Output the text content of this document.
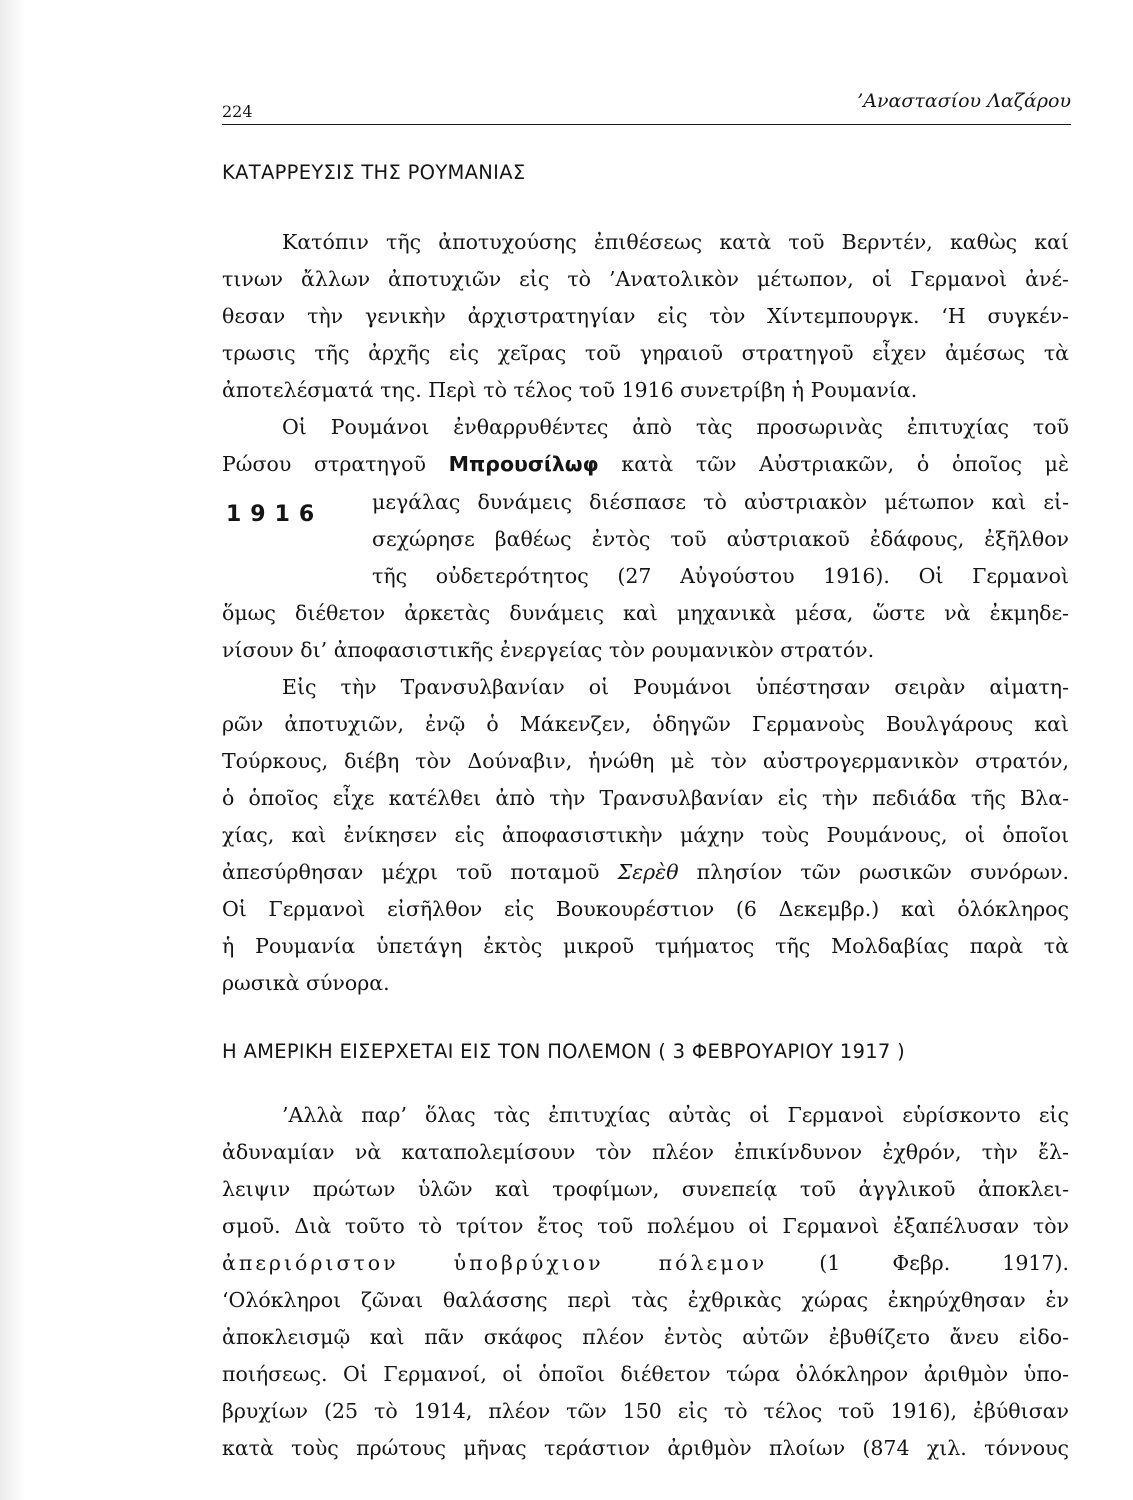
224	’Αναστασίου Λαζάρου
ΚΑΤΑΡΡΕΥΣΙΣ ΤΗΣ ΡΟΥΜΑΝΙΑΣ
Κατόπιν τῆς ἀποτυχούσης ἐπιθέσεως κατὰ τοῦ Βερντέν, καθὼς καί
τινων ἄλλων ἀποτυχιῶν εἰς τὸ ’Ανατολικὸν μέτωπον, οἱ Γερμανοὶ ἀνέ-
θεσαν τὴν γενικὴν ἀρχιστρατηγίαν εἰς τὸν Χίντεμπουργκ. ‘Η συγκέν-
τρωσις τῆς ἀρχῆς εἰς χεῖρας τοῦ γηραιοῦ στρατηγοῦ εἶχεν ἀμέσως τὰ
ἀποτελέσματά της. Περὶ τὸ τέλος τοῦ 1916 συνετρίβη ἡ Ρουμανία.
Οἱ Ρουμάνοι ἐνθαρρυθέντες ἀπὸ τὰς προσωρινὰς ἐπιτυχίας τοῦ
Ρώσου στρατηγοῦ Μπρουσίλωφ κατὰ τῶν Αὐστριακῶν, ὁ ὁποῖος μὲ
μεγάλας δυνάμεις διέσπασε τὸ αὐστριακὸν μέτωπον καὶ εἰ-
1916
σεχώρησε βαθέως ἐντὸς τοῦ αὐστριακοῦ ἐδάφους, ἐξῆλθον
τῆς οὐδετερότητος (27 Αὐγούστου 1916). Οἱ Γερμανοὶ
ὅμως διέθετον ἀρκετὰς δυνάμεις καὶ μηχανικὰ μέσα, ὥστε νὰ ἐκμηδε-
νίσουν δι’ ἀποφασιστικῆς ἐνεργείας τὸν ρουμανικὸν στρατόν.
Εἰς τὴν Τρανσυλβανίαν οἱ Ρουμάνοι ὑπέστησαν σειρὰν αἱματη-
ρῶν ἀποτυχιῶν, ἐνῷ ὁ Μάκενζεν, ὁδηγῶν Γερμανοὺς Βουλγάρους καὶ
Τούρκους, διέβη τὸν Δούναβιν, ἡνώθη μὲ τὸν αὐστρογερμανικὸν στρατόν,
ὁ ὁποῖος εἶχε κατέλθει ἀπὸ τὴν Τρανσυλβανίαν εἰς τὴν πεδιάδα τῆς Βλα-
χίας, καὶ ἐνίκησεν εἰς ἀποφασιστικὴν μάχην τοὺς Ρουμάνους, οἱ ὁποῖοι
ἀπεσύρθησαν μέχρι τοῦ ποταμοῦ Σερὲθ πλησίον τῶν ρωσικῶν συνόρων.
Οἱ Γερμανοὶ εἰσῆλθον εἰς Βουκουρέστιον (6 Δεκεμβρ.) καὶ ὁλόκληρος
ἡ Ρουμανία ὑπετάγη ἐκτὸς μικροῦ τμήματος τῆς Μολδαβίας παρὰ τὰ
ρωσικὰ σύνορα.
Η ΑΜΕΡΙΚΗ ΕΙΣΕΡΧΕΤΑΙ ΕΙΣ ΤΟΝ ΠΟΛΕΜΟΝ ( 3 ΦΕΒΡΟΥΑΡΙΟΥ 1917 )
’Αλλὰ παρ’ ὅλας τὰς ἐπιτυχίας αὐτὰς οἱ Γερμανοὶ εὑρίσκοντο εἰς
ἀδυναμίαν νὰ καταπολεμίσουν τὸν πλέον ἐπικίνδυνον ἐχθρόν, τὴν ἔλ-
λειψιν πρώτων ὑλῶν καὶ τροφίμων, συνεπείᾳ τοῦ ἀγγλικοῦ ἀποκλει-
σμοῦ. Διὰ τοῦτο τὸ τρίτον ἔτος τοῦ πολέμου οἱ Γερμανοὶ ἐξαπέλυσαν τὸν
ἀπεριόριστον ὑποβρύχιον πόλεμον	(1 Φεβρ. 1917).
‘Ολόκληροι ζῶναι θαλάσσης περὶ τὰς ἐχθρικὰς χώρας ἐκηρύχθησαν ἐν
ἀποκλεισμῷ καὶ πᾶν σκάφος πλέον ἐντὸς αὐτῶν ἐβυθίζετο ἄνευ εἰδο-
ποιήσεως. Οἱ Γερμανοί, οἱ ὁποῖοι διέθετον τώρα ὁλόκληρον ἀριθμὸν ὑπο-
βρυχίων (25 τὸ 1914, πλέον τῶν 150 εἰς τὸ τέλος τοῦ 1916), ἐβύθισαν
κατὰ τοὺς πρώτους μῆνας τεράστιον ἀριθμὸν πλοίων (874 χιλ. τόννους
